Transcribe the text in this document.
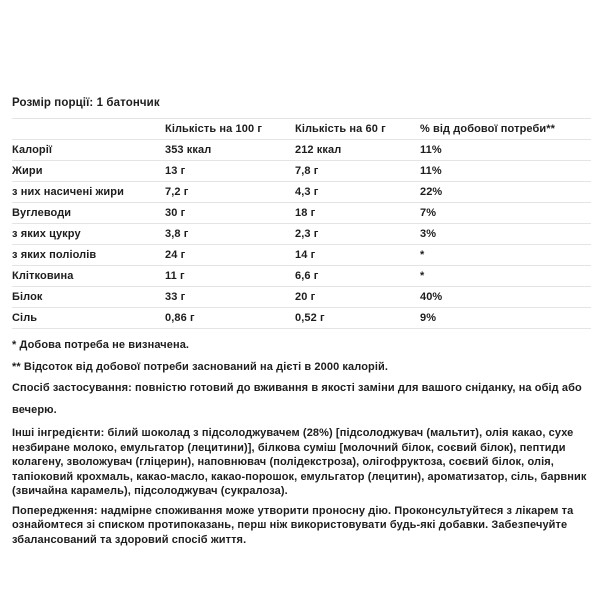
Розмір порції: 1 батончик
	Кількість на 100 г	Кількість на 60 г	% від добової потреби**
Калорії	353 ккал	212 ккал	11%
Жири	13 г	7,8 г	11%
з них насичені жири	7,2 г	4,3 г	22%
Вуглеводи	30 г	18 г	7%
з яких цукру	3,8 г	2,3 г	3%
з яких поліолів	24 г	14 г	*
Клітковина	11 г	6,6 г	*
Білок	33 г	20 г	40%
Сіль	0,86 г	0,52 г	9%
* Добова потреба не визначена.
** Відсоток від добової потреби заснований на дієті в 2000 калорій.
Спосіб застосування: повністю готовий до вживання в якості заміни для вашого сніданку, на обід або вечерю.
Інші інгредієнти: білий шоколад з підсолоджувачем (28%) [підсолоджувач (мальтит), олія какао, сухе незбиране молоко, емульгатор (лецитини)], білкова суміш [молочний білок, соєвий білок), пептиди колагену, зволожувач (гліцерин), наповнювач (полідекстроза), олігофруктоза, соєвий білок, олія, тапіоковий крохмаль, какао-масло, какао-порошок, емульгатор (лецитин), ароматизатор, сіль, барвник (звичайна карамель), підсолоджувач (сукралоза).
Попередження: надмірне споживання може утворити проносну дію. Проконсультуйтеся з лікарем та ознайомтеся зі списком протипоказань, перш ніж використовувати будь-які добавки. Забезпечуйте збалансований та здоровий спосіб життя.
